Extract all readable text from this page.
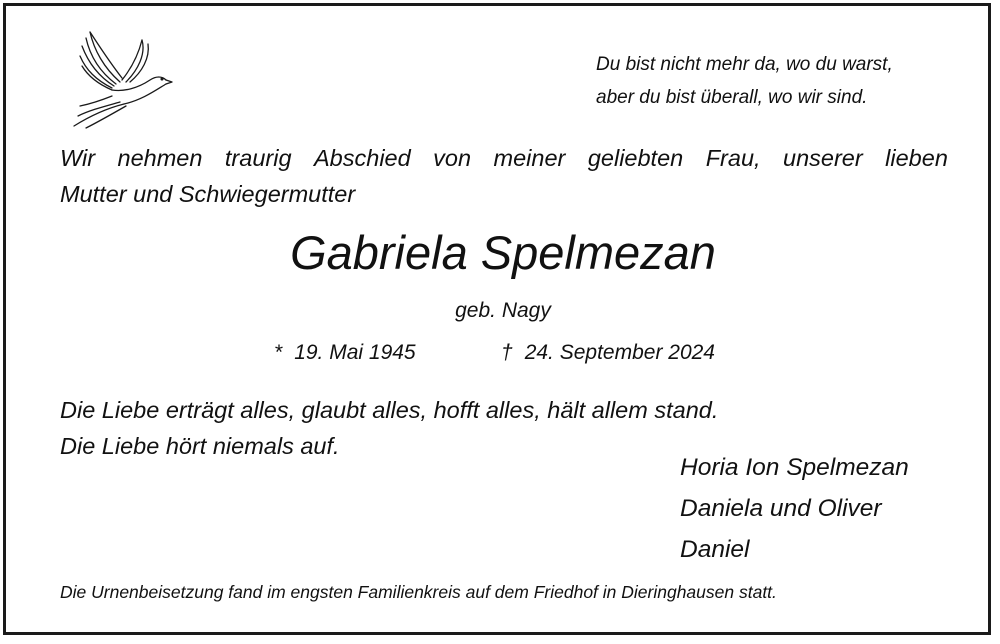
Du bist nicht mehr da, wo du warst,
aber du bist überall, wo wir sind.
Wir nehmen traurig Abschied von meiner geliebten Frau, unserer lieben
Mutter und Schwiegermutter
Gabriela Spelmezan
geb. Nagy
* 19. Mai 1945	† 24. September 2024
Die Liebe erträgt alles, glaubt alles, hofft alles, hält allem stand.
Die Liebe hört niemals auf.
Horia Ion Spelmezan
Daniela und Oliver
Daniel
Die Urnenbeisetzung fand im engsten Familienkreis auf dem Friedhof in Dieringhausen statt.
